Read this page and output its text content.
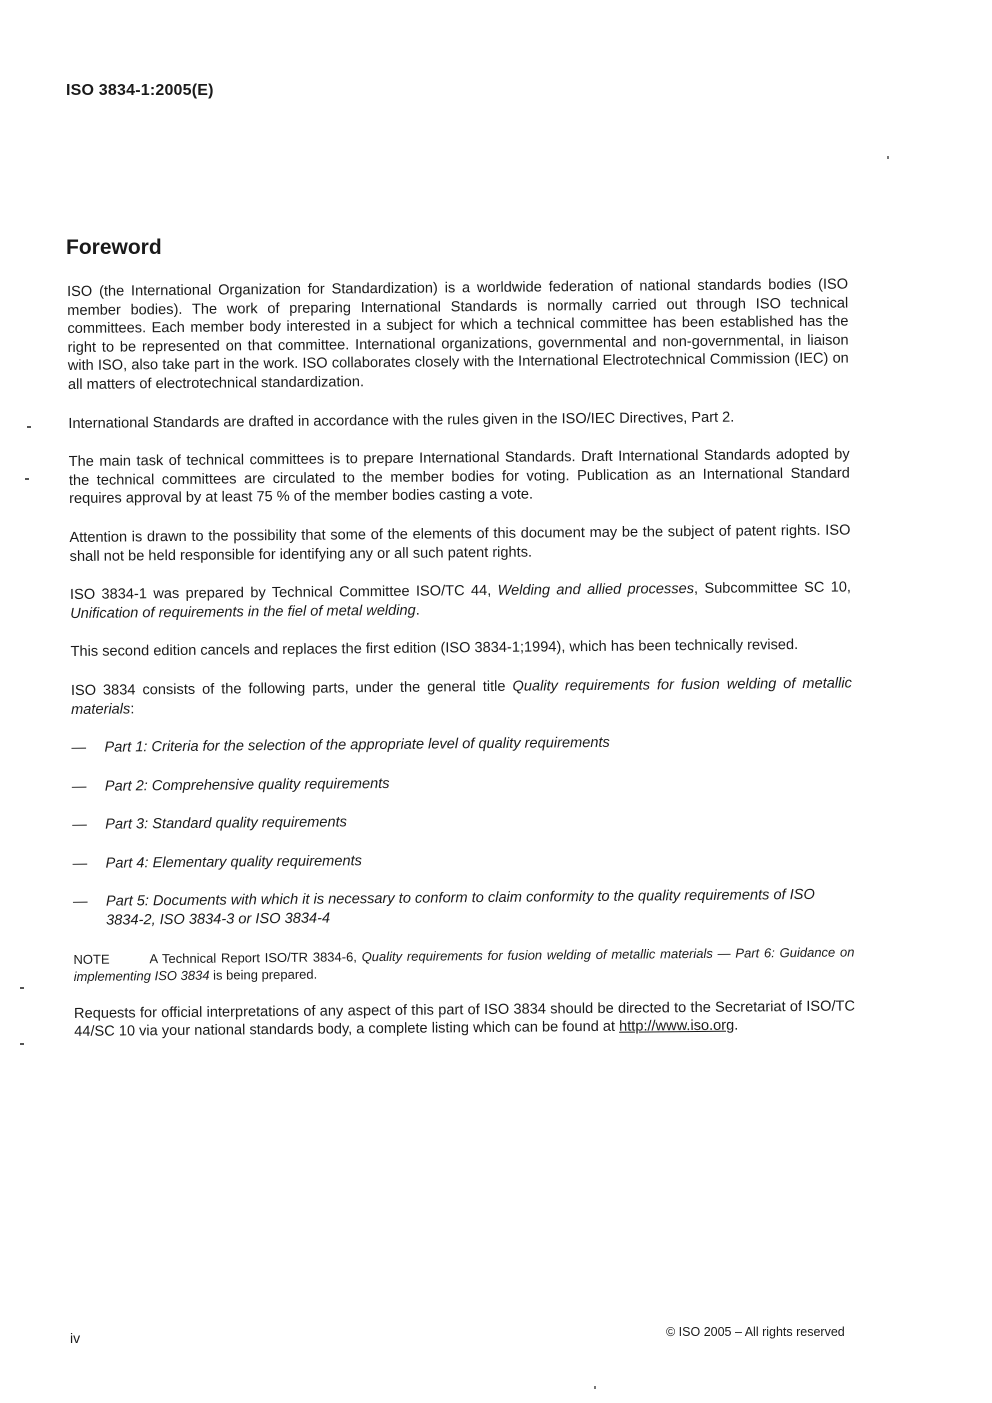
ISO 3834-1:2005(E)
Foreword

ISO (the International Organization for Standardization) is a worldwide federation of national standards bodies (ISO member bodies). The work of preparing International Standards is normally carried out through ISO technical committees. Each member body interested in a subject for which a technical committee has been established has the right to be represented on that committee. International organizations, governmental and non-governmental, in liaison with ISO, also take part in the work. ISO collaborates closely with the International Electrotechnical Commission (IEC) on all matters of electrotechnical standardization.

International Standards are drafted in accordance with the rules given in the ISO/IEC Directives, Part 2.

The main task of technical committees is to prepare International Standards. Draft International Standards adopted by the technical committees are circulated to the member bodies for voting. Publication as an International Standard requires approval by at least 75 % of the member bodies casting a vote.

Attention is drawn to the possibility that some of the elements of this document may be the subject of patent rights. ISO shall not be held responsible for identifying any or all such patent rights.

ISO 3834-1 was prepared by Technical Committee ISO/TC 44, Welding and allied processes, Subcommittee SC 10, Unification of requirements in the fiel of metal welding.

This second edition cancels and replaces the first edition (ISO 3834-1;1994), which has been technically revised.

ISO 3834 consists of the following parts, under the general title Quality requirements for fusion welding of metallic materials:

— Part 1: Criteria for the selection of the appropriate level of quality requirements
— Part 2: Comprehensive quality requirements
— Part 3: Standard quality requirements
— Part 4: Elementary quality requirements
— Part 5: Documents with which it is necessary to conform to claim conformity to the quality requirements of ISO 3834-2, ISO 3834-3 or ISO 3834-4

NOTE	A Technical Report ISO/TR 3834-6, Quality requirements for fusion welding of metallic materials — Part 6: Guidance on implementing ISO 3834 is being prepared.

Requests for official interpretations of any aspect of this part of ISO 3834 should be directed to the Secretariat of ISO/TC 44/SC 10 via your national standards body, a complete listing which can be found at http://www.iso.org.

iv	© ISO 2005 – All rights reserved
